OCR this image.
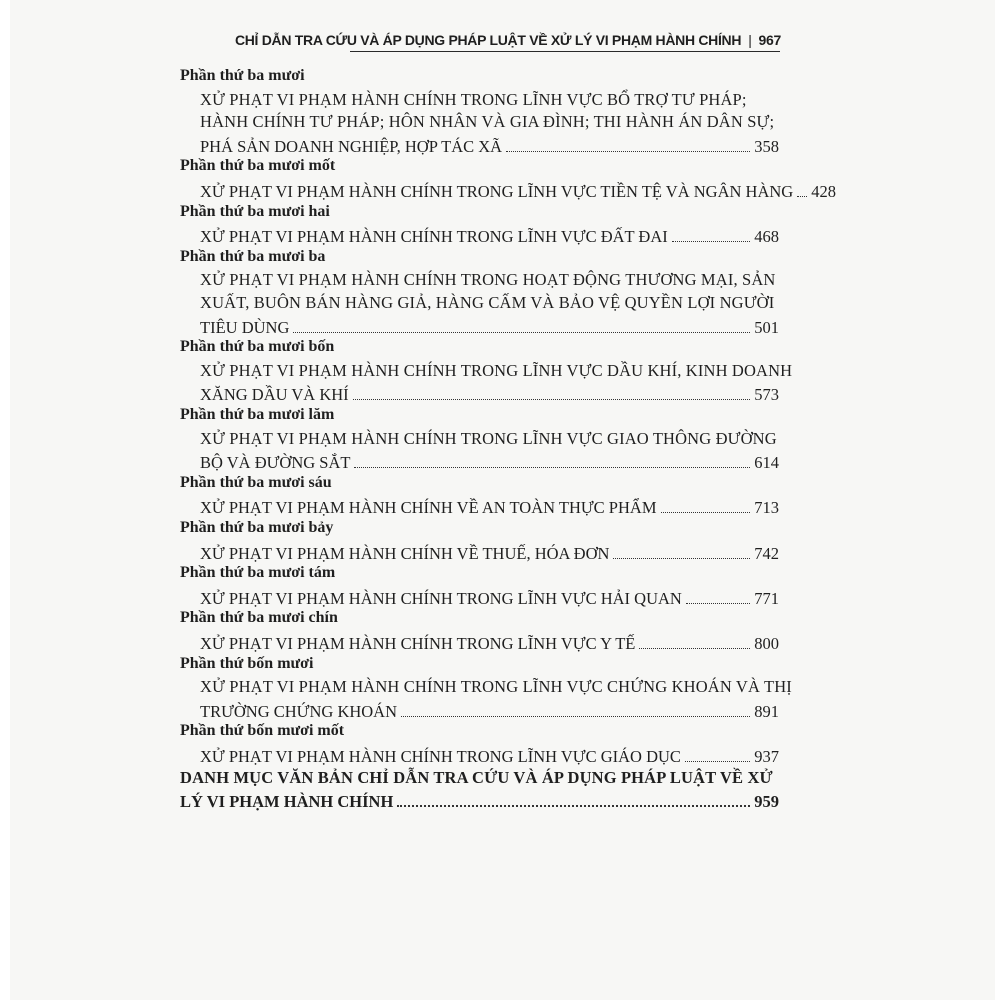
CHỈ DẪN TRA CỨU VÀ ÁP DỤNG PHÁP LUẬT VỀ XỬ LÝ VI PHẠM HÀNH CHÍNH | 967
Phần thứ ba mươi
XỬ PHẠT VI PHẠM HÀNH CHÍNH TRONG LĨNH VỰC BỔ TRỢ TƯ PHÁP;
HÀNH CHÍNH TƯ PHÁP; HÔN NHÂN VÀ GIA ĐÌNH; THI HÀNH ÁN DÂN SỰ;
PHÁ SẢN DOANH NGHIỆP, HỢP TÁC XÃ	358
Phần thứ ba mươi mốt
XỬ PHẠT VI PHẠM HÀNH CHÍNH TRONG LĨNH VỰC TIỀN TỆ VÀ NGÂN HÀNG 428
Phần thứ ba mươi hai
XỬ PHẠT VI PHẠM HÀNH CHÍNH TRONG LĨNH VỰC ĐẤT ĐAI	468
Phần thứ ba mươi ba
XỬ PHẠT VI PHẠM HÀNH CHÍNH TRONG HOẠT ĐỘNG THƯƠNG MẠI, SẢN
XUẤT, BUÔN BÁN HÀNG GIẢ, HÀNG CẤM VÀ BẢO VỆ QUYỀN LỢI NGƯỜI
TIÊU DÙNG	501
Phần thứ ba mươi bốn
XỬ PHẠT VI PHẠM HÀNH CHÍNH TRONG LĨNH VỰC DẦU KHÍ, KINH DOANH
XĂNG DẦU VÀ KHÍ	573
Phần thứ ba mươi lăm
XỬ PHẠT VI PHẠM HÀNH CHÍNH TRONG LĨNH VỰC GIAO THÔNG ĐƯỜNG
BỘ VÀ ĐƯỜNG SẮT	614
Phần thứ ba mươi sáu
XỬ PHẠT VI PHẠM HÀNH CHÍNH VỀ AN TOÀN THỰC PHẨM	713
Phần thứ ba mươi bảy
XỬ PHẠT VI PHẠM HÀNH CHÍNH VỀ THUẾ, HÓA ĐƠN	742
Phần thứ ba mươi tám
XỬ PHẠT VI PHẠM HÀNH CHÍNH TRONG LĨNH VỰC HẢI QUAN	771
Phần thứ ba mươi chín
XỬ PHẠT VI PHẠM HÀNH CHÍNH TRONG LĨNH VỰC Y TẾ	800
Phần thứ bốn mươi
XỬ PHẠT VI PHẠM HÀNH CHÍNH TRONG LĨNH VỰC CHỨNG KHOÁN VÀ THỊ
TRƯỜNG CHỨNG KHOÁN	891
Phần thứ bốn mươi mốt
XỬ PHẠT VI PHẠM HÀNH CHÍNH TRONG LĨNH VỰC GIÁO DỤC	937
DANH MỤC VĂN BẢN CHỈ DẪN TRA CỨU VÀ ÁP DỤNG PHÁP LUẬT VỀ XỬ
LÝ VI PHẠM HÀNH CHÍNH	959
